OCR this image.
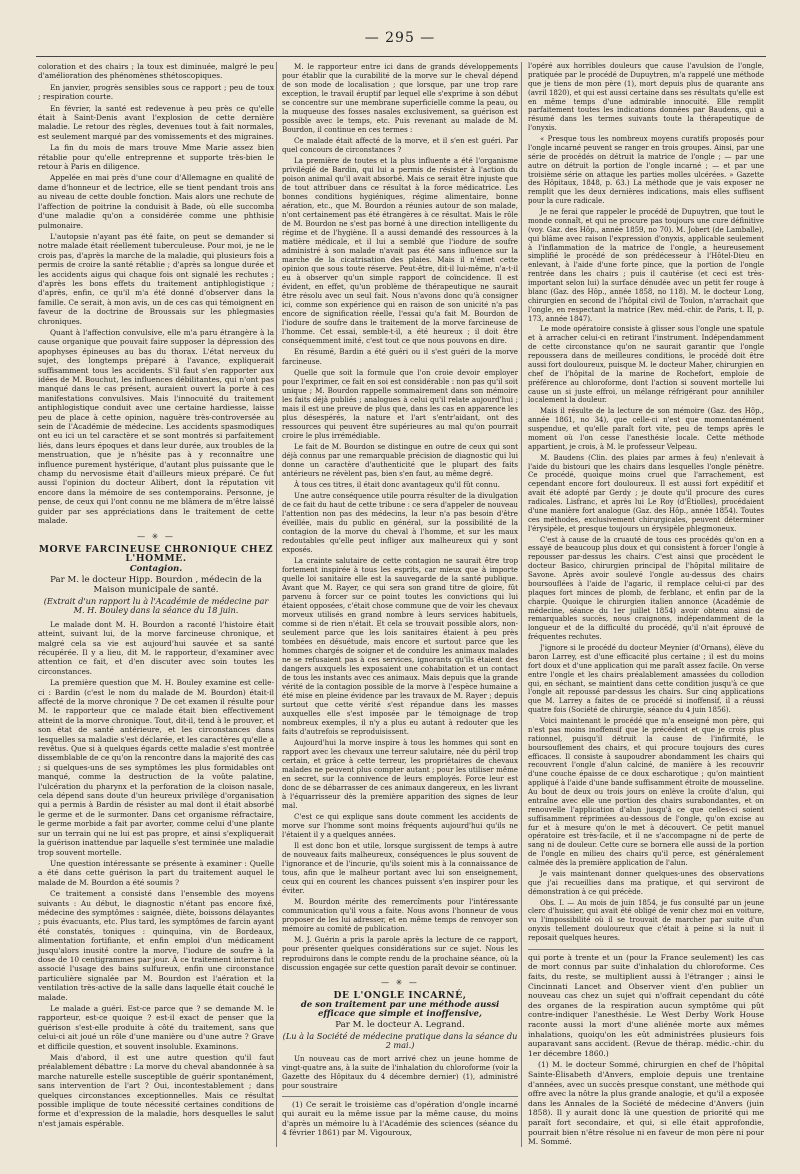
— 295 —

coloration et des chairs ; la toux est diminuée, malgré le peu d'amélioration des phénomènes sthétoscopiques.

En janvier, progrès sensibles sous ce rapport ; peu de toux ; respiration courte.

En février, la santé est redevenue à peu près ce qu'elle était à Saint-Denis avant l'explosion de cette dernière maladie. Le retour des règles, devenues tout à fait normales, est seulement marqué par des vomissements et des migraines.

La fin du mois de mars trouve Mme Marie assez bien rétablie pour qu'elle entreprenne et supporte très-bien le retour à Paris en diligence.

Appelée en mai près d'une cour d'Allemagne en qualité de dame d'honneur et de lectrice, elle se tient pendant trois ans au niveau de cette double fonction. Mais alors une rechute de l'affection de poitrine la conduisit à Bade, où elle succomba d'une maladie qu'on a considérée comme une phthisie pulmonaire.

L'autopsie n'ayant pas été faite, on peut se demander si notre malade était réellement tuberculeuse. Pour moi, je ne le crois pas, d'après la marche de la maladie, qui plusieurs fois a permis de croire la santé rétablie ; d'après sa longue durée et les accidents aigus qui chaque fois ont signalé les rechutes ; d'après les bons effets du traitement antiphlogistique ; d'après, enfin, ce qu'il m'a été donné d'observer dans la famille. Ce serait, à mon avis, un de ces cas qui témoignent en faveur de la doctrine de Broussais sur les phlegmasies chroniques.

Quant à l'affection convulsive, elle m'a paru étrangère à la cause organique que pouvait faire supposer la dépression des apophyses épineuses au bas du thorax. L'état nerveux du sujet, des longtemps préparé à l'avance, expliquerait suffisamment tous les accidents. S'il faut s'en rapporter aux idées de M. Bouchut, les influences débilitantes, qui n'ont pas manqué dans le cas présent, auraient ouvert la porte à ces manifestations convulsives. Mais l'innocuité du traitement antiphlogistique conduit avec une certaine hardiesse, laisse peu de place à cette opinion, naguère très-controversée au sein de l'Académie de médecine. Les accidents spasmodiques ont eu ici un tel caractère et se sont montrés si parfaitement liés, dans leurs époques et dans leur durée, aux troubles de la menstruation, que je n'hésite pas à y reconnaître une influence purement hystérique, d'autant plus puissante que le champ du nervosisme était d'ailleurs mieux préparé. Ce fut aussi l'opinion du docteur Alibert, dont la réputation vit encore dans la mémoire de ses contemporains. Personne, je pense, de ceux qui l'ont connu ne me blâmera de m'être laissé guider par ses appréciations dans le traitement de cette malade.

— ✳ —
MORVE FARCINEUSE CHRONIQUE CHEZ L'HOMME.
Contagion.
Par M. le docteur Hipp. Bourdon , médecin de la Maison municipale de santé.
(Extrait d'un rapport lu à l'Académie de médecine par M. H. Bouley dans la séance du 18 juin.

Le malade dont M. H. Bourdon a raconté l'histoire était atteint, suivant lui, de la morve farcineuse chronique, et malgré cela sa vie est aujourd'hui sauvée et sa santé récupérée. Il y a lieu, dit M. le rapporteur, d'examiner avec attention ce fait, et d'en discuter avec soin toutes les circonstances.

La première question que M. H. Bouley examine est celle-ci : Bardin (c'est le nom du malade de M. Bourdon) était-il affecté de la morve chronique ? De cet examen il résulte pour M. le rapporteur que ce malade était bien effectivement atteint de la morve chronique. Tout, dit-il, tend à le prouver, et son état de santé antérieure, et les circonstances dans lesquelles sa maladie s'est déclarée, et les caractères qu'elle a revêtus. Que si à quelques égards cette maladie s'est montrée dissemblable de ce qu'on la rencontre dans la majorité des cas ; si quelques-uns de ses symptômes les plus formidables ont manqué, comme la destruction de la voûte palatine, l'ulcération du pharynx et la perforation de la cloison nasale, cela dépend sans doute d'un heureux privilège d'organisation qui a permis à Bardin de résister au mal dont il était absorbé le germe et de le surmonter. Dans cet organisme réfractaire, le germe morbide a fait par avorter, comme celui d'une plante sur un terrain qui ne lui est pas propre, et ainsi s'expliquerait la guérison inattendue par laquelle s'est terminée une maladie trop souvent mortelle.

Une question intéressante se présente à examiner : Quelle a été dans cette guérison la part du traitement auquel le malade de M. Bourdon a été soumis ?

Ce traitement a consisté dans l'ensemble des moyens suivants : Au début, le diagnostic n'étant pas encore fixé, médecine des symptômes : saignée, diète, boissons délayantes ; puis évacuants, etc. Plus tard, les symptômes de farcin ayant été constatés, toniques : quinquina, vin de Bordeaux, alimentation fortifiante, et enfin emploi d'un médicament jusqu'alors inusité contre la morve, l'iodure de soufre à la dose de 10 centigrammes par jour. À ce traitement interne fut associé l'usage des bains sulfureux, enfin une circonstance particulière signalée par M. Bourdon est l'aération et la ventilation très-active de la salle dans laquelle était couché le malade.

Le malade a guéri. Est-ce parce que ? se demande M. le rapporteur, est-ce quoique ? est-il exact de penser que la guérison s'est-elle produite à côté du traitement, sans que celui-ci ait joué un rôle d'une manière ou d'une autre ? Grave et difficile question, et souvent insoluble. Examinons.

Mais d'abord, il est une autre question qu'il faut préalablement débattre : La morve du cheval abandonnée à sa marche naturelle estelle susceptible de guérir spontanément, sans intervention de l'art ? Oui, incontestablement ; dans quelques circonstances exceptionnelles. Mais ce résultat possible implique de toute nécessité certaines conditions de forme et d'expression de la maladie, hors desquelles le salut n'est jamais espérable.

M. le rapporteur entre ici dans de grands développements pour établir que la curabilité de la morve sur le cheval dépend de son mode de localisation ; que lorsque, par une trop rare exception, le travail éruptif par lequel elle s'exprime à son début se concentre sur une membrane superficielle comme la peau, ou la muqueuse des fosses nasales exclusivement, sa guérison est possible avec le temps, etc. Puis revenant au malade de M. Bourdon, il continue en ces termes :

Ce malade était affecté de la morve, et il s'en est guéri. Par quel concours de circonstances ?

La première de toutes et la plus influente a été l'organisme privilégié de Bardin, qui lui a permis de résister à l'action du poison animal qu'il avait absorbé. Mais ce serait être injuste que de tout attribuer dans ce résultat à la force médicatrice. Les bonnes conditions hygiéniques, régime alimentaire, bonne aération, etc., que M. Bourdon a réunies autour de son malade, n'ont certainement pas été étrangères à ce résultat. Mais le rôle de M. Bourdon ne s'est pas borné à une direction intelligente du régime et de l'hygiène. Il a aussi demandé des ressources à la matière médicale, et il lui a semblé que l'iodure de soufre administré à son malade n'avait pas été sans influence sur la marche de la cicatrisation des plaies. Mais il n'émet cette opinion que sous toute réserve. Peut-être, dit-il lui-même, n'a-t-il eu à observer qu'un simple rapport de coïncidence. Il est évident, en effet, qu'un problème de thérapeutique ne saurait être résolu avec un seul fait. Nous n'avons donc qu'à consigner ici, comme son expérience qui en raison de son unicité n'a pas encore de signification réelle, l'essai qu'a fait M. Bourdon de l'iodure de soufre dans le traitement de la morve farcineuse de l'homme. Cet essai, semble-t-il, a été heureux ; il doit être conséquemment imité, c'est tout ce que nous pouvons en dire.

En résumé, Bardin a été guéri ou il s'est guéri de la morve farcineuse.

Quelle que soit la formule que l'on croie devoir employer pour l'exprimer, ce fait en soi est considérable : non pas qu'il soit unique ; M. Bourdon rappelle sommairement dans son mémoire les faits déjà publiés ; analogues à celui qu'il relate aujourd'hui ; mais il est une preuve de plus que, dans les cas en apparence les plus désespérés, la nature et l'art s'entr'aidant, ont des ressources qui peuvent être supérieures au mal qu'on pourrait croire le plus irrémédiable.

Le fait de M. Bourdon se distingue en outre de ceux qui sont déjà connus par une remarquable précision de diagnostic qui lui donne un caractère d'authenticité que le plupart des faits antérieurs ne révèlent pas, bien s'en faut, au même degré.

À tous ces titres, il était donc avantageux qu'il fût connu.

Une autre conséquence utile pourra résulter de la divulgation de ce fait du haut de cette tribune : ce sera d'appeler de nouveau l'attention non pas des médecins, la leur n'a pas besoin d'être éveillée, mais du public en général, sur la possibilité de la contagion de la morve du cheval à l'homme, et sur les maux redoutables qu'elle peut infliger aux malheureux qui y sont exposés.

La crainte salutaire de cette contagion ne saurait être trop fortement inspirée à tous les esprits, car mieux que à importe quelle loi sanitaire elle est la sauvegarde de la santé publique. Avant que M. Rayer, ce qui sera son grand titre de gloire, fût parvenu à forcer sur ce point toutes les convictions qui lui étaient opposées, c'était chose commune que de voir les chevaux morveux utilisés en grand nombre à leurs services habituels, comme si de rien n'était. Et cela se trouvait possible alors, non-seulement parce que les lois sanitaires étaient à peu près tombées en désuétude, mais encore et surtout parce que les hommes chargés de soigner et de conduire les animaux malades ne se refusaient pas à ces services, ignorants qu'ils étaient des dangers auxquels les exposaient une cohabitation et un contact de tous les instants avec ces animaux. Mais depuis que la grande vérité de la contagion possible de la morve à l'espèce humaine a été mise en pleine évidence par les travaux de M. Rayer ; depuis surtout que cette vérité s'est répandue dans les masses auxquelles elle s'est imposée par le témoignage de trop nombreux exemples, il n'y a plus eu autant à redouter que les faits d'autrefois se reproduisissent.

Aujourd'hui la morve inspire à tous les hommes qui sont en rapport avec les chevaux une terreur salutaire, née du péril trop certain, et grâce à cette terreur, les propriétaires de chevaux malades ne peuvent plus compter autant ; pour les utiliser même en secret, sur la connivence de leurs employés. Force leur est donc de se débarrasser de ces animaux dangereux, en les livrant à l'équarrisseur dès la première apparition des signes de leur mal.

C'est ce qui explique sans doute comment les accidents de morve sur l'homme sont moins fréquents aujourd'hui qu'ils ne l'étaient il y a quelques années.

Il est donc bon et utile, lorsque surgissent de temps à autre de nouveaux faits malheureux, conséquences le plus souvent de l'ignorance et de l'incurie, qu'ils soient mis à la connaissance de tous, afin que le malheur portant avec lui son enseignement, ceux qui en courent les chances puissent s'en inspirer pour les éviter.

M. Bourdon mérite des remercîments pour l'intéressante communication qu'il vous a faite. Nous avons l'honneur de vous proposer de les lui adresser, et en même temps de renvoyer son mémoire au comité de publication.

M. J. Guérin a pris la parole après la lecture de ce rapport, pour présenter quelques considérations sur ce sujet. Nous les reproduirons dans le compte rendu de la prochaine séance, où la discussion engagée sur cette question paraît devoir se continuer.

— ✳ —
DE L'ONGLE INCARNÉ,
de son traitement par une méthode aussi efficace que simple et inoffensive,
Par M. le docteur A. Legrand.
(Lu à la Société de médecine pratique dans la séance du 2 mai.)

Un nouveau cas de mort arrivé chez un jeune homme de vingt-quatre ans, à la suite de l'inhalation du chloroforme (voir la Gazette des Hôpitaux du 4 décembre dernier) (1), administré pour soustraire

(1) Ce serait le troisième cas d'opération d'ongle incarné qui aurait eu la même issue par la même cause, du moins d'après un mémoire lu à l'Académie des sciences (séance du 4 février 1861) par M. Vigouroux,

l'opéré aux horribles douleurs que cause l'avulsion de l'ongle, pratiquée par le procédé de Dupuytren, m'a rappelé une méthode que je tiens de mon père (1), mort depuis plus de quarante ans (avril 1820), et qui est aussi certaine dans ses résultats qu'elle est en même temps d'une admirable innocuité. Elle remplit parfaitement toutes les indications données par Baudens, qui a résumé dans les termes suivants toute la thérapeutique de l'onyxis.

« Presque tous les nombreux moyens curatifs proposés pour l'ongle incarné peuvent se ranger en trois groupes. Ainsi, par une série de procédés on détruit la matrice de l'ongle ; — par une autre on détruit la portion de l'ongle incarné ; — et par une troisième série on attaque les parties molles ulcérées. » Gazette des Hôpitaux, 1848, p. 63.) La méthode que je vais exposer ne remplit que les deux dernières indications, mais elles suffisent pour la cure radicale.

Je ne ferai que rappeler le procédé de Dupuytren, que tout le monde connaît, et qui ne procure pas toujours une cure définitive (voy. Gaz. des Hôp., année 1859, no 70). M. Jobert (de Lamballe), qui blâme avec raison l'expression d'onyxis, applicable seulement à l'inflammation de la matrice de l'ongle, a heureusement simplifié le procédé de son prédécesseur à l'Hôtel-Dieu en enlevant, à l'aide d'une forte pince, que la portion de l'ongle rentrée dans les chairs ; puis il cautérise (et ceci est très-important selon lui) la surface dénudée avec un petit fer rouge à blanc (Gaz. des Hôp., année 1858, no 118). M. le docteur Long, chirurgien en second de l'hôpital civil de Toulon, n'arrachait que l'ongle, en respectant la matrice (Rev. méd.-chir. de Paris, t. II, p. 173, année 1847).

Le mode opératoire consiste à glisser sous l'ongle une spatule et à arracher celui-ci en retirant l'instrument. Indépendamment de cette circonstance qu'on ne saurait garantir que l'ongle repoussera dans de meilleures conditions, le procédé doit être aussi fort douloureux, puisque M. le docteur Maher, chirurgien en chef de l'hôpital de la marine de Rochefort, emploie de préférence au chloroforme, dont l'action si souvent mortelle lui cause un si juste effroi, un mélange réfrigérant pour annihiler localement la douleur.

Mais il résulte de la lecture de son mémoire (Gaz. des Hôp., année 1861, no 34), que celle-ci n'est que momentanément suspendue, et qu'elle paraît fort vite, peu de temps après le moment où l'on cesse l'anesthésie locale. Cette méthode appartient, je crois, à M. le professeur Velpeau.

M. Baudens (Clin. des plaies par armes à feu) n'enlevait à l'aide du bistouri que les chairs dans lesquelles l'ongle pénètre. Ce procédé, quoique moins cruel que l'arrachement, est cependant encore fort douloureux. Il est aussi fort expéditif et avait été adopté par Gerdy ; je doute qu'il procure des cures radicales. Lisfranc, et après lui Le Roy (d'Étiolles), procédaient d'une manière fort analogue (Gaz. des Hôp., année 1854). Toutes ces méthodes, exclusivement chirurgicales, peuvent déterminer l'érysipèle, et presque toujours un érysipèle phlegmoneux.

C'est à cause de la cruauté de tous ces procédés qu'on en a essayé de beaucoup plus doux et qui consistent à forcer l'ongle à repousser par-dessus les chairs. C'est ainsi que procèdent le docteur Basico, chirurgien principal de l'hôpital militaire de Savone. Après avoir soulevé l'ongle au-dessus des chairs boursouflées à l'aide de l'agaric, il remplace celui-ci par des plaques fort minces de plomb, de ferblanc, et enfin par de la charpie. Quoique le chirurgien italien annonce (Académie de médecine, séance du 1er juillet 1854) avoir obtenu ainsi de remarquables succès, nous craignons, indépendamment de la longueur et de la difficulté du procédé, qu'il n'ait éprouvé de fréquentes rechutes.

J'ignore si le procédé du docteur Meynier (d'Ornans), élève du baron Larrey, est d'une efficacité plus certaine ; il est du moins fort doux et d'une application qui me paraît assez facile. On verse entre l'ongle et les chairs préalablement amassées du collodion qui, en séchant, se maintient dans cette condition jusqu'à ce que l'ongle ait repoussé par-dessus les chairs. Sur cinq applications que M. Larrey a faites de ce procédé si inoffensif, il a réussi quatre fois (Société de chirurgie, séance du 4 juin 1856).

Voici maintenant le procédé que m'a enseigné mon père, qui n'est pas moins inoffensif que le précédent et que je crois plus rationnel, puisqu'il détruit la cause de l'infirmité, le boursouflement des chairs, et qui procure toujours des cures efficaces. Il consiste à saupoudrer abondamment les chairs qui recouvrent l'ongle d'alun calciné, de manière à les recouvrir d'une couche épaisse de ce doux escharotique ; qu'on maintient appliqué à l'aide d'une bande suffisamment étroite de mousseline. Au bout de deux ou trois jours on enlève la croûte d'alun, qui entraîne avec elle une portion des chairs surabondantes, et on renouvelle l'application d'alun jusqu'à ce que celles-ci soient suffisamment réprimées au-dessous de l'ongle, qu'on excise au fur et à mesure qu'on le met à découvert. Ce petit manuel opératoire est très-facile, et il ne s'accompagne ni de perte de sang ni de douleur. Cette cure se bornera elle aussi de la portion de l'ongle en milieu des chairs qu'il perce, est généralement calmée dès la première application de l'alun.

Je vais maintenant donner quelques-unes des observations que j'ai recueillies dans ma pratique, et qui serviront de démonstration à ce qui précède.

Obs. I. — Au mois de juin 1854, je fus consulté par un jeune clerc d'huissier, qui avait été obligé de venir chez moi en voiture, vu l'impossibilité où il se trouvait de marcher par suite d'un onyxis tellement douloureux que c'était à peine si la nuit il reposait quelques heures.

qui porte à trente et un (pour la France seulement) les cas de mort connus par suite d'inhalation du chloroforme. Ces faits, du reste, se multiplient aussi à l'étranger ; ainsi le Cincinnati Lancet and Observer vient d'en publier un nouveau cas chez un sujet qui n'offrait cependant du côté des organes de la respiration aucun symptôme qui pût contre-indiquer l'anesthésie. Le West Derby Work House raconte aussi la mort d'une aliénée morte aux mêmes inhalations, quoiqu'on les eût administrées plusieurs fois auparavant sans accident. (Revue de thérap. médic.-chir. du 1er décembre 1860.)

(1) M. le docteur Sommé, chirurgien en chef de l'hôpital Sainte-Élisabeth d'Anvers, emploie depuis une trentaine d'années, avec un succès presque constant, une méthode qui offre avec la nôtre la plus grande analogie, et qu'il a exposée dans les Annales de la Société de médecine d'Anvers (juin 1858). Il y aurait donc là une question de priorité qui me paraît fort secondaire, et qui, si elle était approfondie, pourrait bien n'être résolue ni en faveur de mon père ni pour M. Sommé.
